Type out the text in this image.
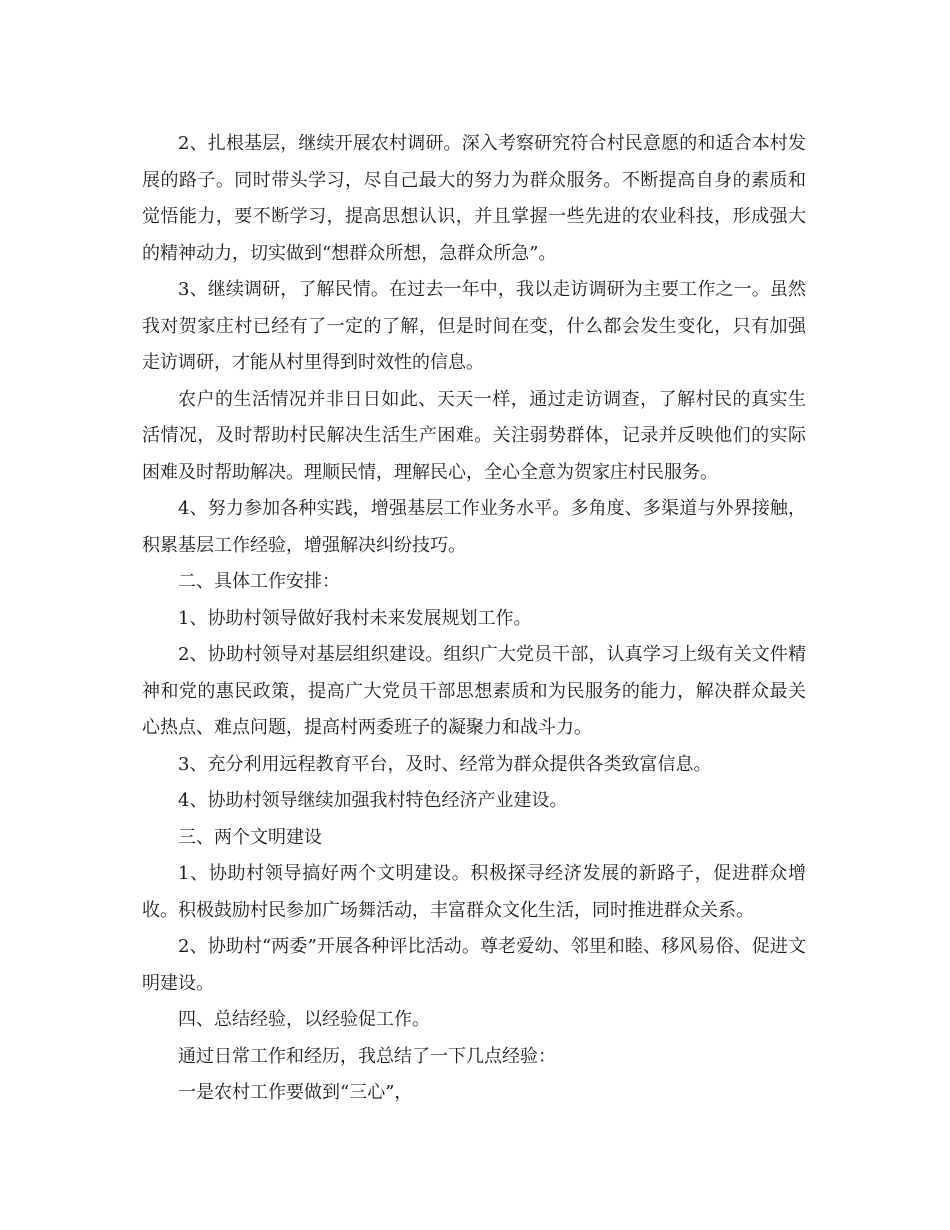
2、扎根基层，继续开展农村调研。深入考察研究符合村民意愿的和适合本村发展的路子。同时带头学习，尽自己最大的努力为群众服务。不断提高自身的素质和觉悟能力，要不断学习，提高思想认识，并且掌握一些先进的农业科技，形成强大的精神动力，切实做到“想群众所想，急群众所急”。

3、继续调研，了解民情。在过去一年中，我以走访调研为主要工作之一。虽然我对贺家庄村已经有了一定的了解，但是时间在变，什么都会发生变化，只有加强走访调研，才能从村里得到时效性的信息。

农户的生活情况并非日日如此、天天一样，通过走访调查，了解村民的真实生活情况，及时帮助村民解决生活生产困难。关注弱势群体，记录并反映他们的实际困难及时帮助解决。理顺民情，理解民心，全心全意为贺家庄村民服务。

4、努力参加各种实践，增强基层工作业务水平。多角度、多渠道与外界接触，积累基层工作经验，增强解决纠纷技巧。

二、具体工作安排：

1、协助村领导做好我村未来发展规划工作。

2、协助村领导对基层组织建设。组织广大党员干部，认真学习上级有关文件精神和党的惠民政策，提高广大党员干部思想素质和为民服务的能力，解决群众最关心热点、难点问题，提高村两委班子的凝聚力和战斗力。

3、充分利用远程教育平台，及时、经常为群众提供各类致富信息。

4、协助村领导继续加强我村特色经济产业建设。

三、两个文明建设

1、协助村领导搞好两个文明建设。积极探寻经济发展的新路子，促进群众增收。积极鼓励村民参加广场舞活动，丰富群众文化生活，同时推进群众关系。

2、协助村“两委”开展各种评比活动。尊老爱幼、邻里和睦、移风易俗、促进文明建设。

四、总结经验，以经验促工作。

通过日常工作和经历，我总结了一下几点经验：

一是农村工作要做到“三心”，
